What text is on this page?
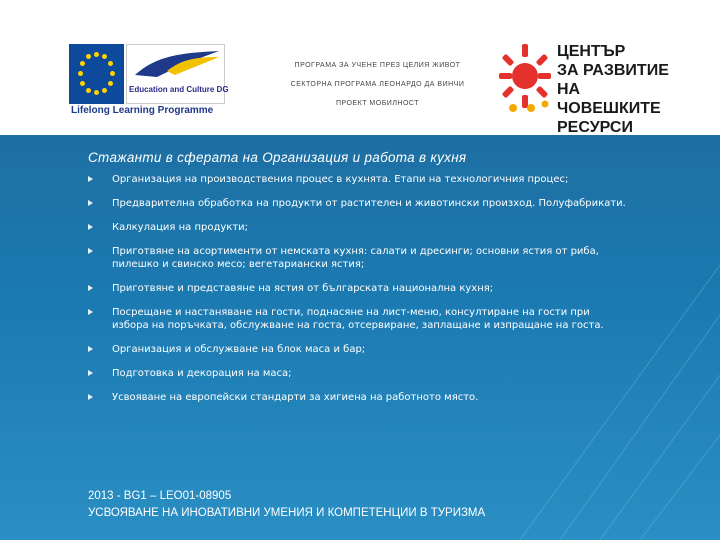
Education and Culture DG
Lifelong Learning Programme
ПРОГРАМА ЗА УЧЕНЕ ПРЕЗ ЦЕЛИЯ ЖИВОТ
СЕКТОРНА ПРОГРАМА ЛЕОНАРДО ДА ВИНЧИ
ПРОЕКТ МОБИЛНОСТ
ЦЕНТЪР
ЗА РАЗВИТИЕ
НА ЧОВЕШКИТЕ
РЕСУРСИ
Стажанти в сферата на Организация и работа в кухня
Организация на производствения процес в кухнята. Етапи на технологичния процес;
Предварителна обработка на продукти от растителен и животински произход. Полуфабрикати.
Калкулация на продукти;
Приготвяне на асортименти от немската кухня: салати и дресинги; основни ястия от риба, пилешко и свинско месо; вегетариански ястия;
Приготвяне и представяне на ястия от българската национална кухня;
Посрещане и настаняване на гости, поднасяне на лист-меню, консултиране на гости при избора на поръчката, обслужване на госта, отсервиране, заплащане и изпращане на госта.
Организация и обслужване на блок маса и бар;
Подготовка и декорация на маса;
Усвояване на европейски стандарти за хигиена на работното място.
2013 - BG1 – LEO01-08905
УСВОЯВАНЕ НА ИНОВАТИВНИ УМЕНИЯ И КОМПЕТЕНЦИИ В ТУРИЗМА
